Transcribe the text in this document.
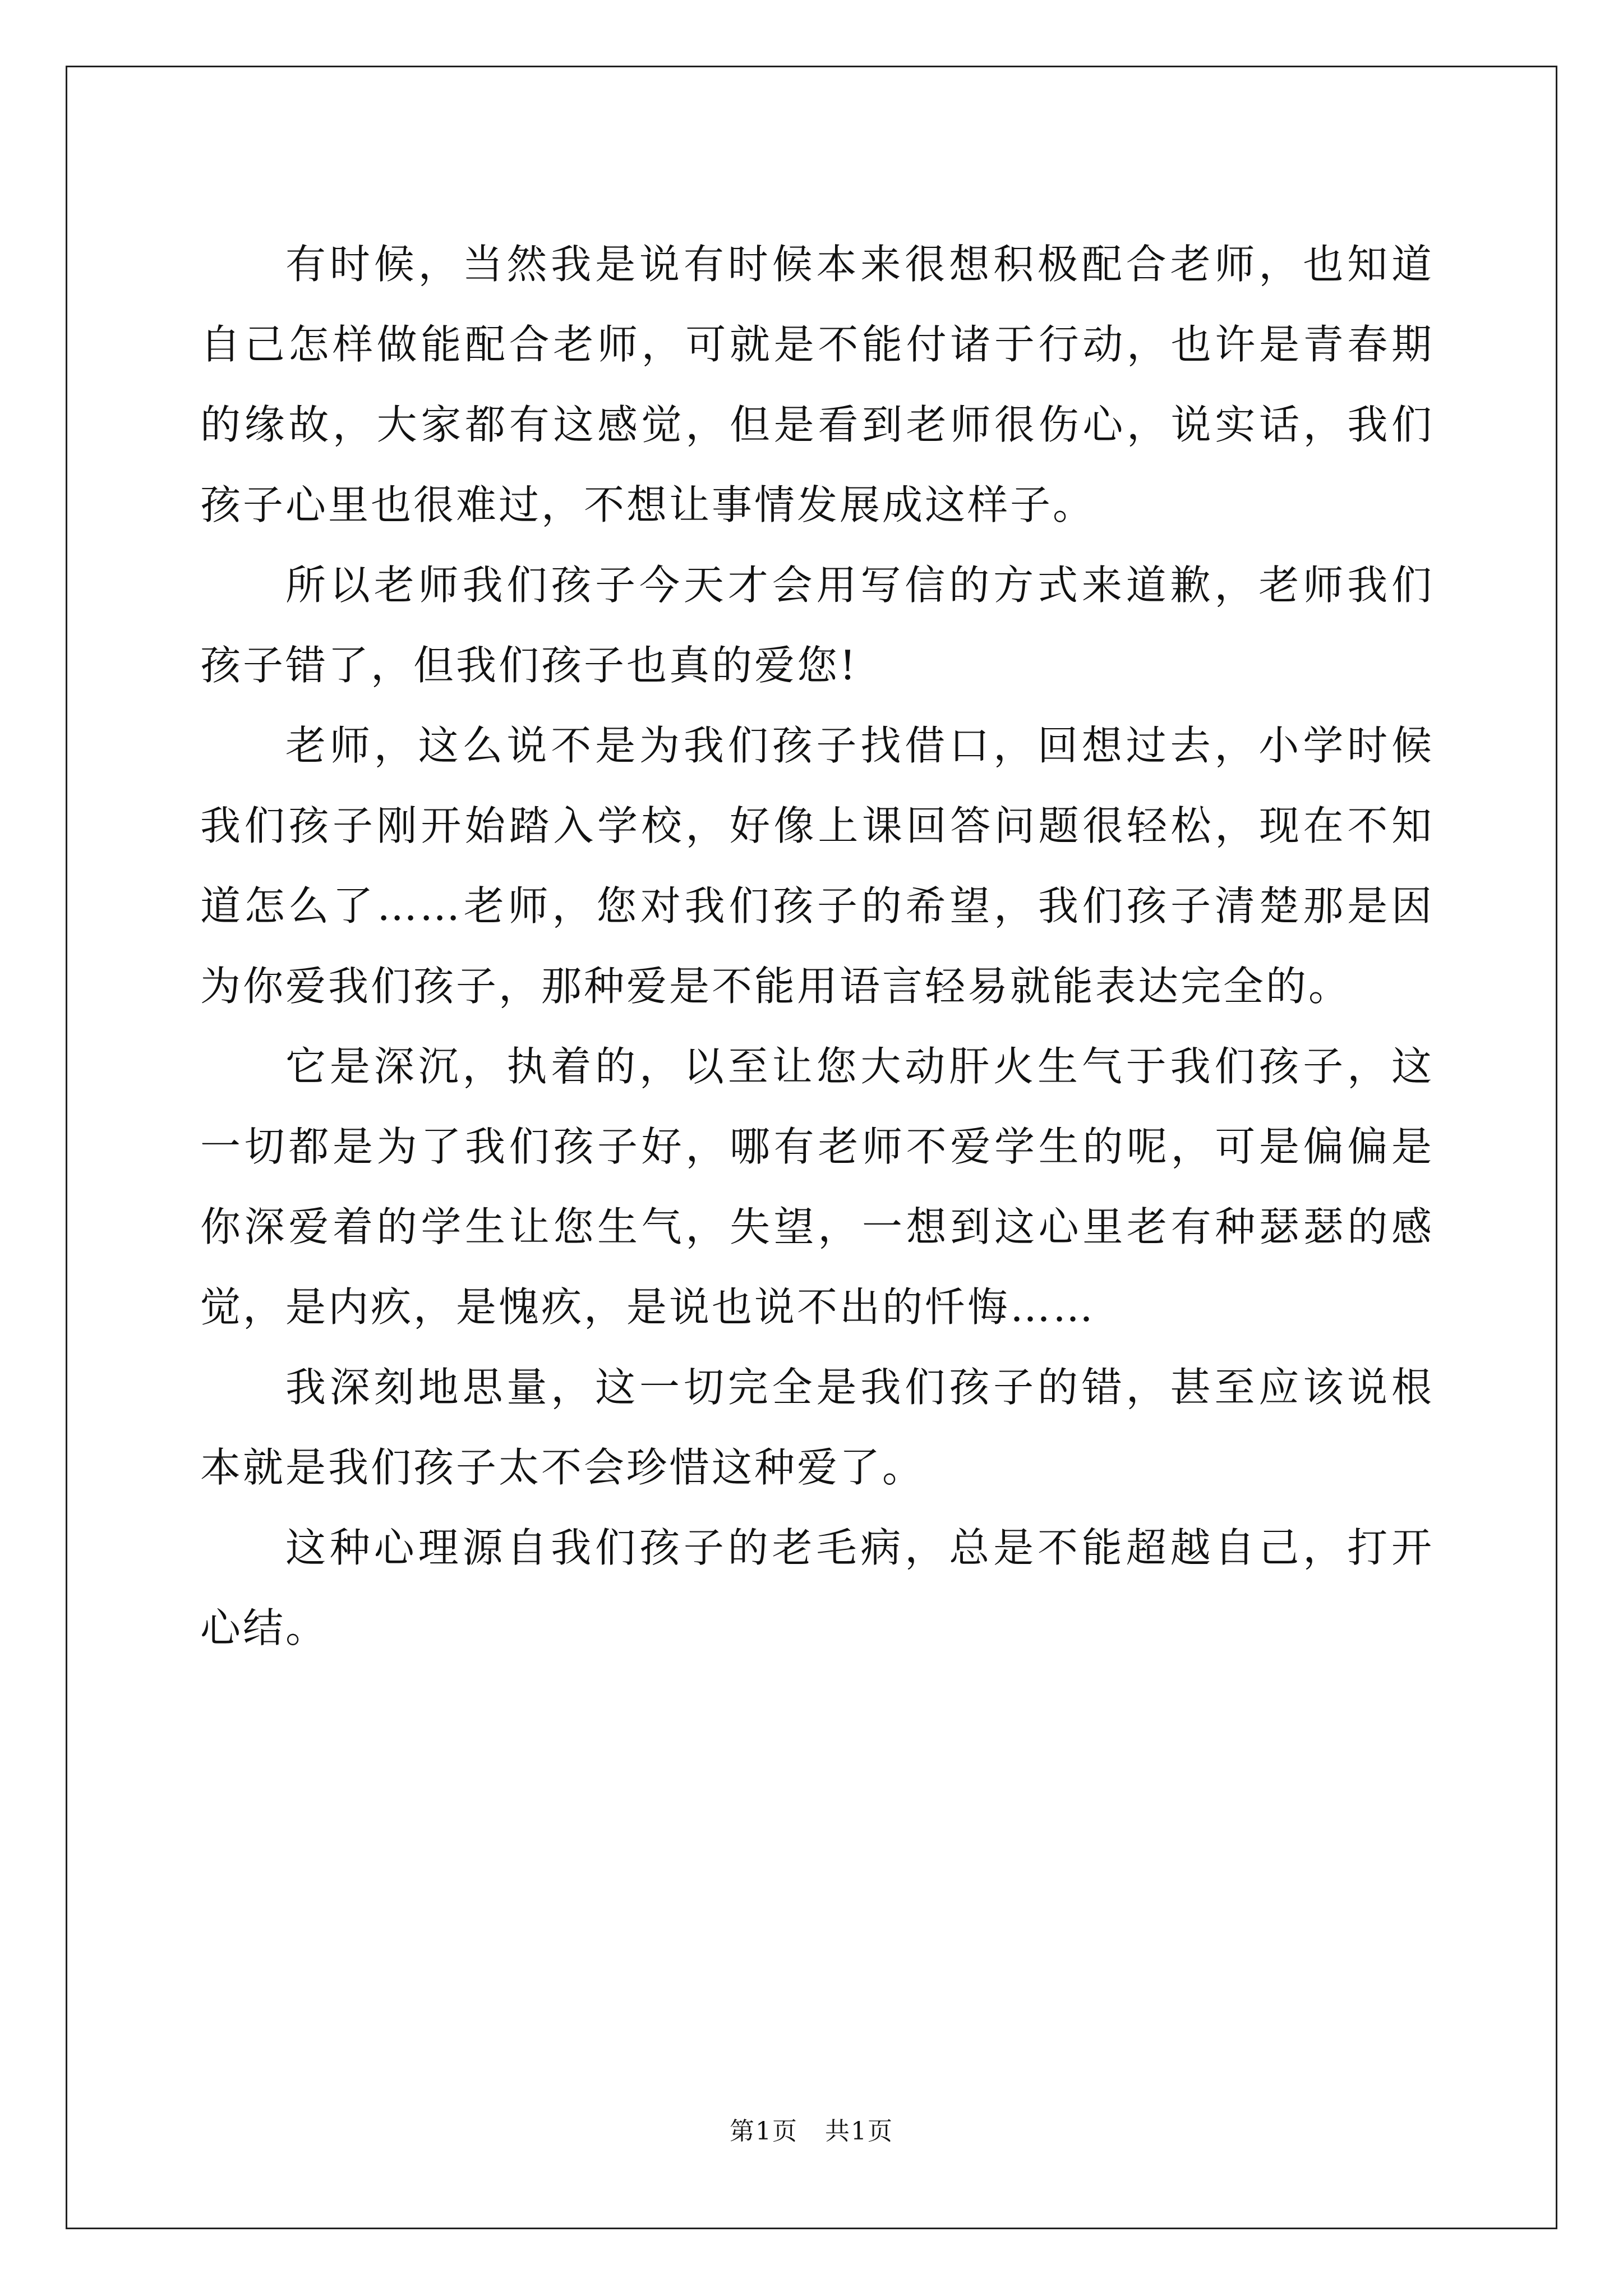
有时候，当然我是说有时候本来很想积极配合老师，也知道自己怎样做能配合老师，可就是不能付诸于行动，也许是青春期的缘故，大家都有这感觉，但是看到老师很伤心，说实话，我们孩子心里也很难过，不想让事情发展成这样子。

所以老师我们孩子今天才会用写信的方式来道歉，老师我们孩子错了，但我们孩子也真的爱您!

老师，这么说不是为我们孩子找借口，回想过去，小学时候我们孩子刚开始踏入学校，好像上课回答问题很轻松，现在不知道怎么了……老师，您对我们孩子的希望，我们孩子清楚那是因为你爱我们孩子，那种爱是不能用语言轻易就能表达完全的。

它是深沉，执着的，以至让您大动肝火生气于我们孩子，这一切都是为了我们孩子好，哪有老师不爱学生的呢，可是偏偏是你深爱着的学生让您生气，失望，一想到这心里老有种瑟瑟的感觉，是内疚，是愧疚，是说也说不出的忏悔……

我深刻地思量，这一切完全是我们孩子的错，甚至应该说根本就是我们孩子太不会珍惜这种爱了。

这种心理源自我们孩子的老毛病，总是不能超越自己，打开心结。

第1页 共1页
